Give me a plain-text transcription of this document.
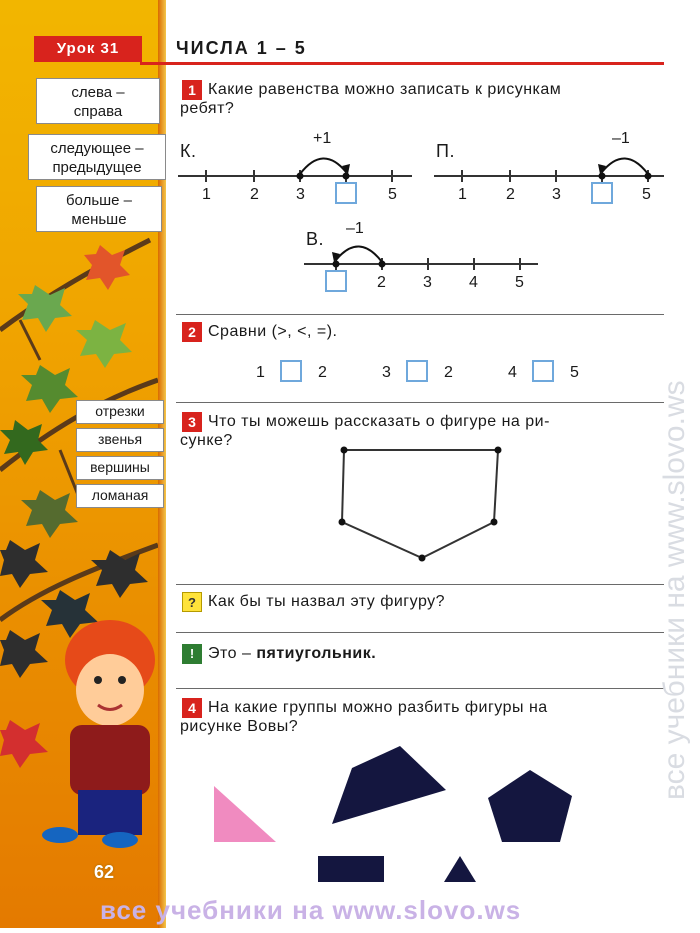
Урок 31	ЧИСЛА 1 – 5
слева –
справа
следующее –
предыдущее
больше –
меньше
отрезки
звенья
вершины
ломаная
1 Какие равенства можно записать к рисункам
ребят?
К.
+1
1 2 3	5
П.
–1
1 2 3	5
В.
–1
2 3 4 5
2 Сравни (>, <, =).
1	2	3	2	4	5
3 Что ты можешь рассказать о фигуре на ри-
сунке?
? Как бы ты назвал эту фигуру?
! Это – пятиугольник.
4 На какие группы можно разбить фигуры на
рисунке Вовы?
62
все учебники на www.slovo.ws
все учебники на www.slovo.ws
